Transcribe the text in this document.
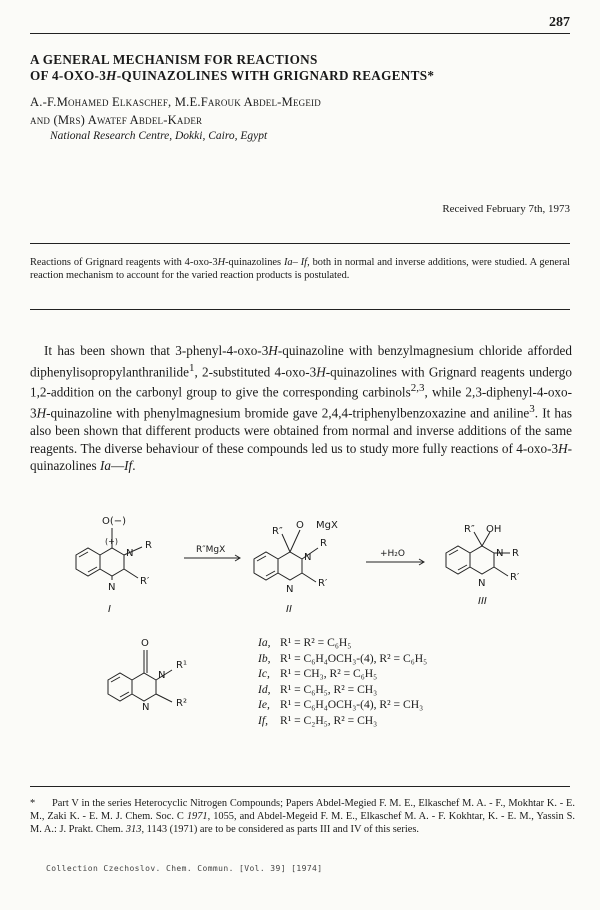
287
A GENERAL MECHANISM FOR REACTIONS
OF 4-OXO-3H-QUINAZOLINES WITH GRIGNARD REAGENTS*
A.-F.Mohamed Elkaschef, M.E.Farouk Abdel-Megeid
and (Mrs) Awatef Abdel-Kader
National Research Centre, Dokki, Cairo, Egypt
Received February 7th, 1973
Reactions of Grignard reagents with 4-oxo-3H-quinazolines Ia– If, both in normal and inverse additions, were studied. A general reaction mechanism to account for the varied reaction products is postulated.

It has been shown that 3-phenyl-4-oxo-3H-quinazoline with benzylmagnesium chloride afforded diphenylisopropylanthranilide$^1$, 2-substituted 4-oxo-3H-quinazolines with Grignard reagents undergo 1,2-addition on the carbonyl group to give the corresponding carbinols$^{2,3}$, while 2,3-diphenyl-4-oxo-3H-quinazoline with phenylmagnesium bromide gave 2,4,4-triphenylbenzoxazine and aniline$^3$. It has also been shown that different products were obtained from normal and inverse additions of the same reagents. The diverse behaviour of these compounds led us to study more fully reactions of 4-oxo-3H-quinazolines Ia—If.

O(−)
(+)
N
R
N
R′
I
R″MgX
R″
O MgX
R
N
N
R′
II
+H₂O
R″ OH
N R
N
R′
III
O
N
R¹
N	R²
Ia, R¹ = R² = C₆H₅
Ib, R¹ = C₆H₄OCH₃-(4), R² = C₆H₅
Ic, R¹ = CH₃, R² = C₆H₅
Id, R¹ = C₆H₅, R² = CH₃
Ie, R¹ = C₆H₄OCH₃-(4), R² = CH₃
If, R¹ = C₂H₅, R² = CH₃
* Part V in the series Heterocyclic Nitrogen Compounds; Papers Abdel-Megied F. M. E., Elkaschef M. A. - F., Mokhtar K. - E. M., Zaki K. - E. M. J. Chem. Soc. C 1971, 1055, and Abdel-Megeid F. M. E., Elkaschef M. A. - F. Kokhtar, K. - E. M., Yassin S. M. A.: J. Prakt. Chem. 313, 1143 (1971) are to be considered as parts III and IV of this series.
Collection Czechoslov. Chem. Commun. [Vol. 39] [1974]
